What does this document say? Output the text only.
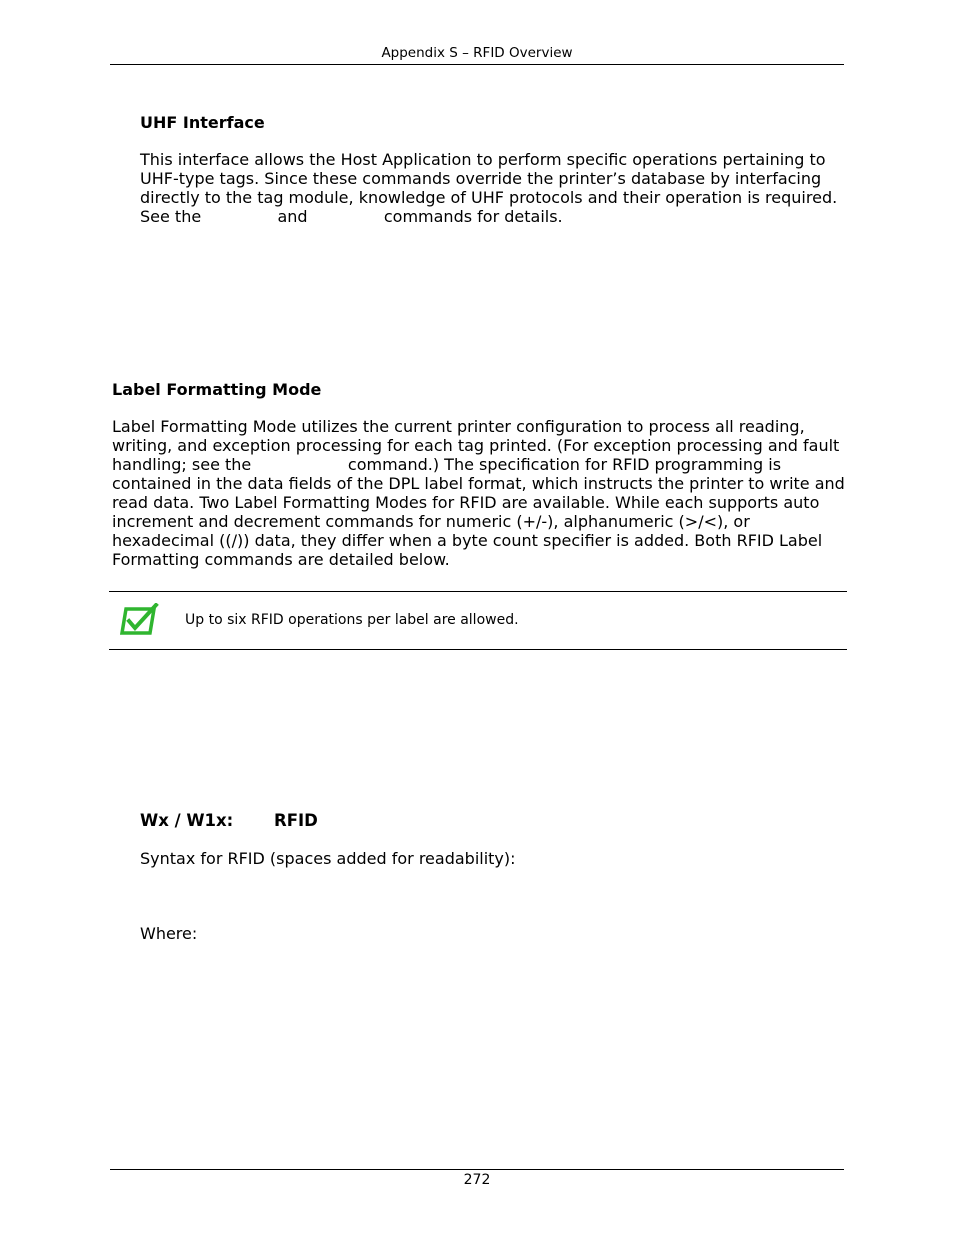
Appendix S – RFID Overview
UHF Interface
This interface allows the Host Application to perform specific operations pertaining to
UHF-type tags. Since these commands override the printer’s database by interfacing
directly to the tag module, knowledge of UHF protocols and their operation is required.
See the               and               commands for details.
Label Formatting Mode
Label Formatting Mode utilizes the current printer configuration to process all reading,
writing, and exception processing for each tag printed. (For exception processing and fault
handling; see the                   command.) The specification for RFID programming is
contained in the data fields of the DPL label format, which instructs the printer to write and
read data. Two Label Formatting Modes for RFID are available. While each supports auto
increment and decrement commands for numeric (+/-), alphanumeric (>/<), or
hexadecimal ((/)) data, they differ when a byte count specifier is added. Both RFID Label
Formatting commands are detailed below.
Up to six RFID operations per label are allowed.
Wx / W1x: RFID
Syntax for RFID (spaces added for readability):
Where:
272
